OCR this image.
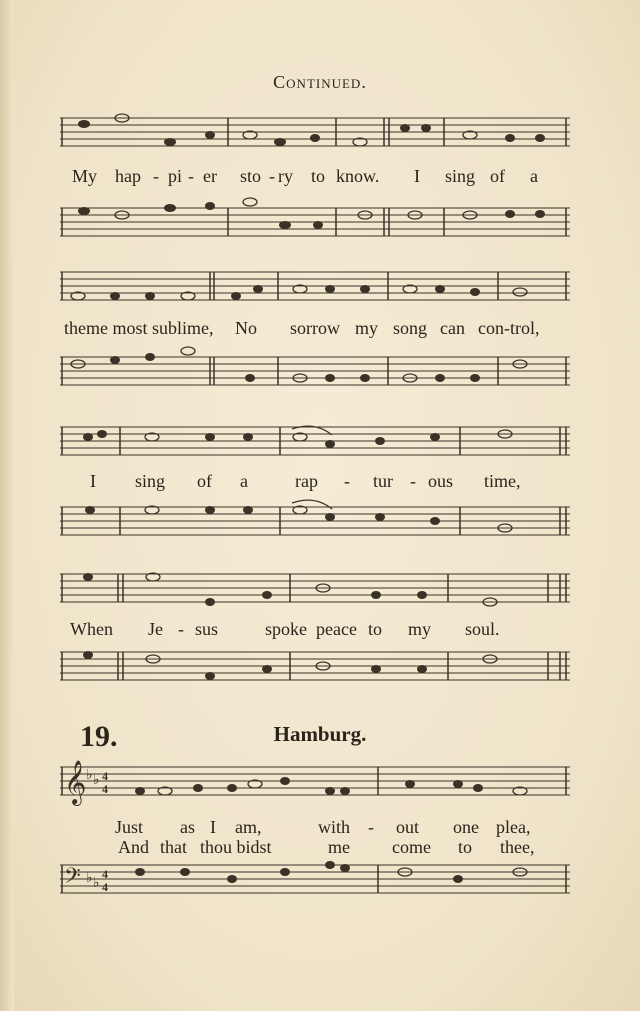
Continued.
My hap - pi - er sto - ry to know. I sing of a
theme most sublime, No sorrow my song can con-trol,
I sing of a	rap - tur - ous time,
When Je - sus	spoke peace to my soul.
19.	Hamburg.
𝄞 ♭ ♭ 4
4
Just as I am,	with - out one plea,
And that thou bidst	me come to thee,
𝄢 ♭ ♭
4
4
